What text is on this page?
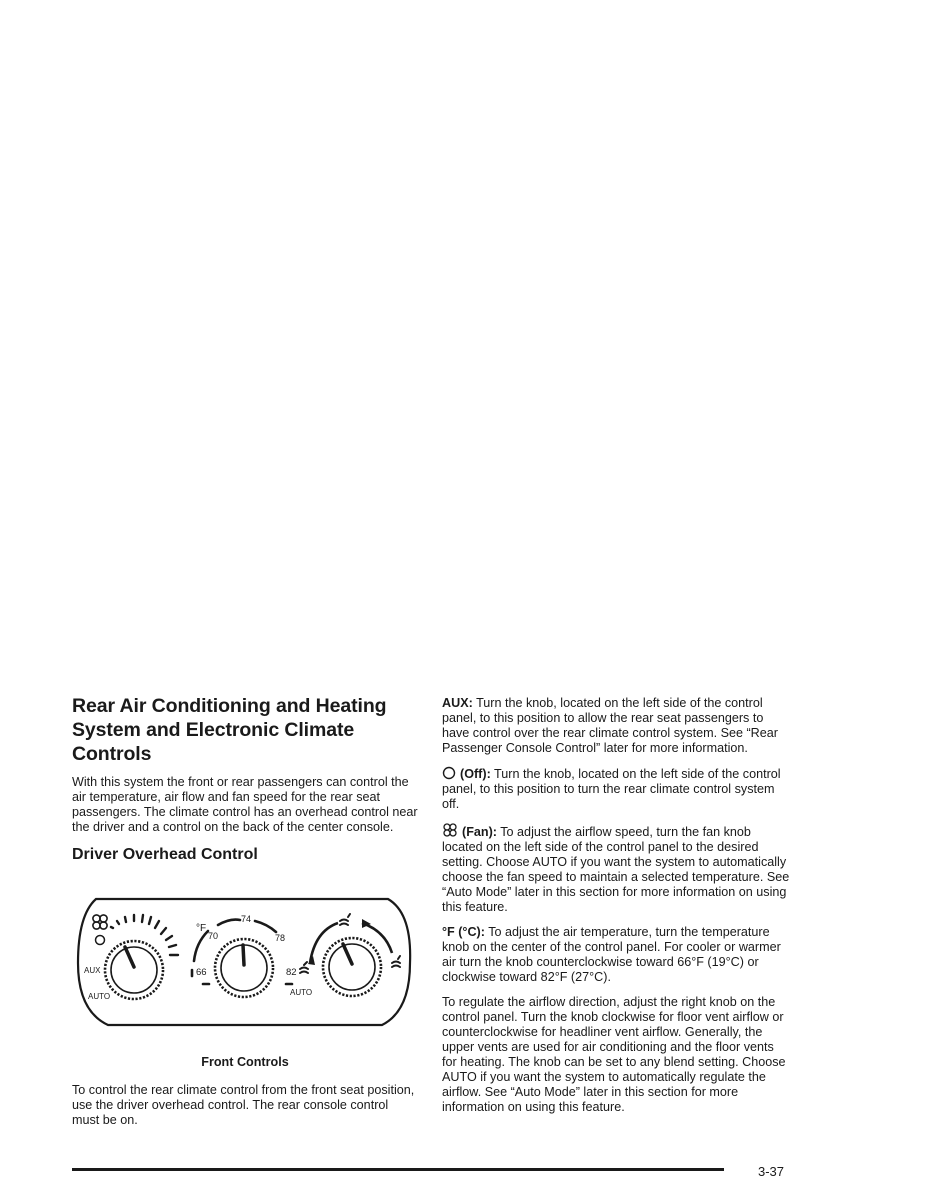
Rear Air Conditioning and Heating System and Electronic Climate Controls

With this system the front or rear passengers can control the air temperature, air flow and fan speed for the rear seat passengers. The climate control has an overhead control near the driver and a control on the back of the center console.

Driver Overhead Control
AUX
AUTO
°F
70
74
78
66	82
AUTO
Front Controls

To control the rear climate control from the front seat position, use the driver overhead control. The rear console control must be on.

AUX: Turn the knob, located on the left side of the control panel, to this position to allow the rear seat passengers to have control over the rear climate control system. See “Rear Passenger Console Control” later for more information.

(Off): Turn the knob, located on the left side of the control panel, to this position to turn the rear climate control system off.

(Fan): To adjust the airflow speed, turn the fan knob located on the left side of the control panel to the desired setting. Choose AUTO if you want the system to automatically choose the fan speed to maintain a selected temperature. See “Auto Mode” later in this section for more information on using this feature.

°F (°C): To adjust the air temperature, turn the temperature knob on the center of the control panel. For cooler or warmer air turn the knob counterclockwise toward 66°F (19°C) or clockwise toward 82°F (27°C).

To regulate the airflow direction, adjust the right knob on the control panel. Turn the knob clockwise for floor vent airflow or counterclockwise for headliner vent airflow. Generally, the upper vents are used for air conditioning and the floor vents for heating. The knob can be set to any blend setting. Choose AUTO if you want the system to automatically regulate the airflow. See “Auto Mode” later in this section for more information on using this feature.

3-37
